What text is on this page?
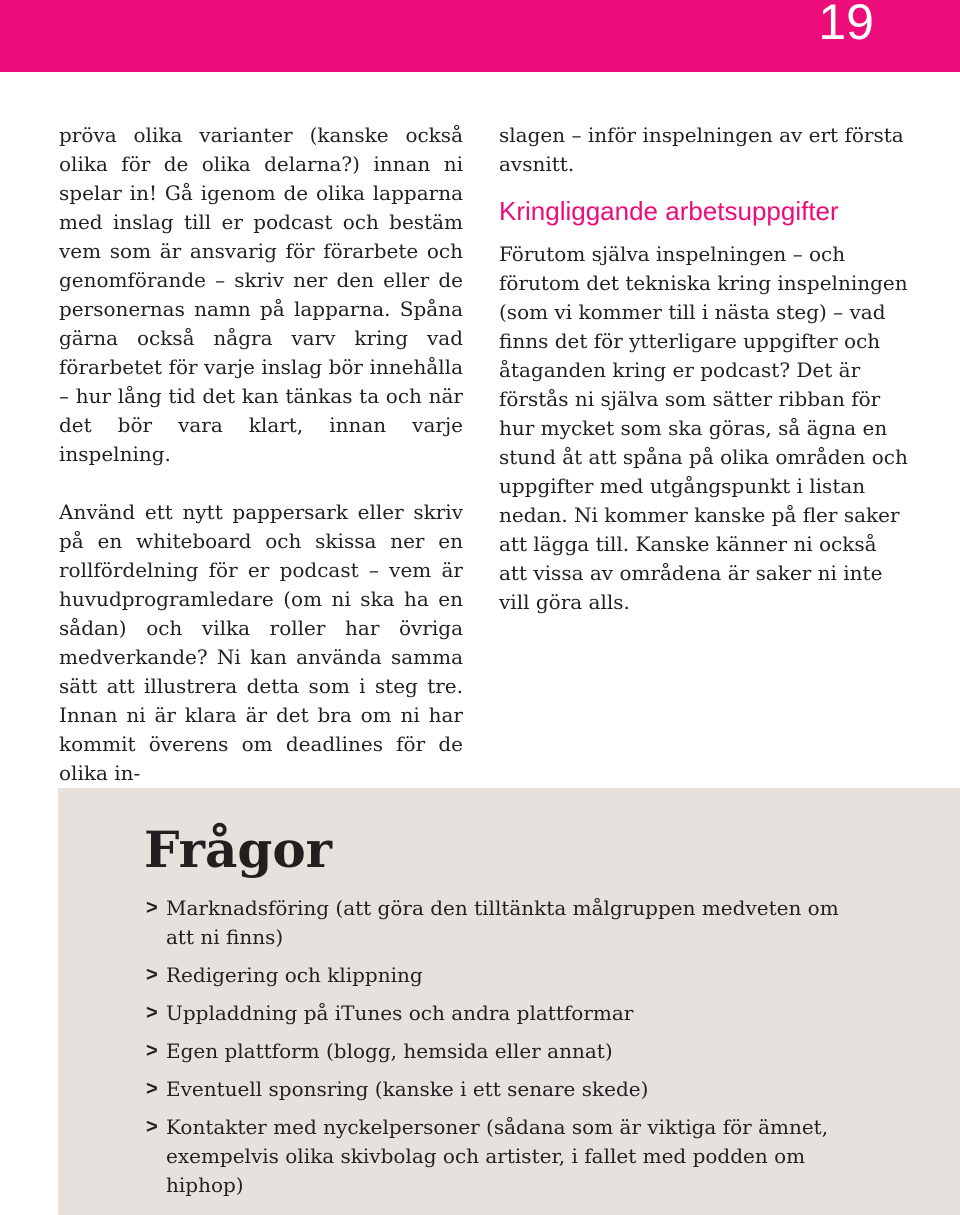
19

pröva olika varianter (kanske också olika för de olika delarna?) innan ni spelar in! Gå igenom de olika lapparna med inslag till er podcast och bestäm vem som är ansvarig för förarbete och genomförande – skriv ner den eller de personernas namn på lapparna. Spåna gärna också några varv kring vad förarbetet för varje inslag bör innehålla – hur lång tid det kan tänkas ta och när det bör vara klart, innan varje inspelning.

Använd ett nytt pappersark eller skriv på en whiteboard och skissa ner en rollfördelning för er podcast – vem är huvudprogramledare (om ni ska ha en sådan) och vilka roller har övriga medverkande? Ni kan använda samma sätt att illustrera detta som i steg tre. Innan ni är klara är det bra om ni har kommit överens om deadlines för de olika in-

slagen – inför inspelningen av ert första avsnitt.

Kringliggande arbetsuppgifter

Förutom själva inspelningen – och förutom det tekniska kring inspelningen (som vi kommer till i nästa steg) – vad finns det för ytterligare uppgifter och åtaganden kring er podcast? Det är förstås ni själva som sätter ribban för hur mycket som ska göras, så ägna en stund åt att spåna på olika områden och uppgifter med utgångspunkt i listan nedan. Ni kommer kanske på fler saker att lägga till. Kanske känner ni också att vissa av områdena är saker ni inte vill göra alls.

Frågor
> Marknadsföring (att göra den tilltänkta målgruppen medveten om att ni finns)
> Redigering och klippning
> Uppladdning på iTunes och andra plattformar
> Egen plattform (blogg, hemsida eller annat)
> Eventuell sponsring (kanske i ett senare skede)
> Kontakter med nyckelpersoner (sådana som är viktiga för ämnet, exempelvis olika skivbolag och artister, i fallet med podden om hiphop)
